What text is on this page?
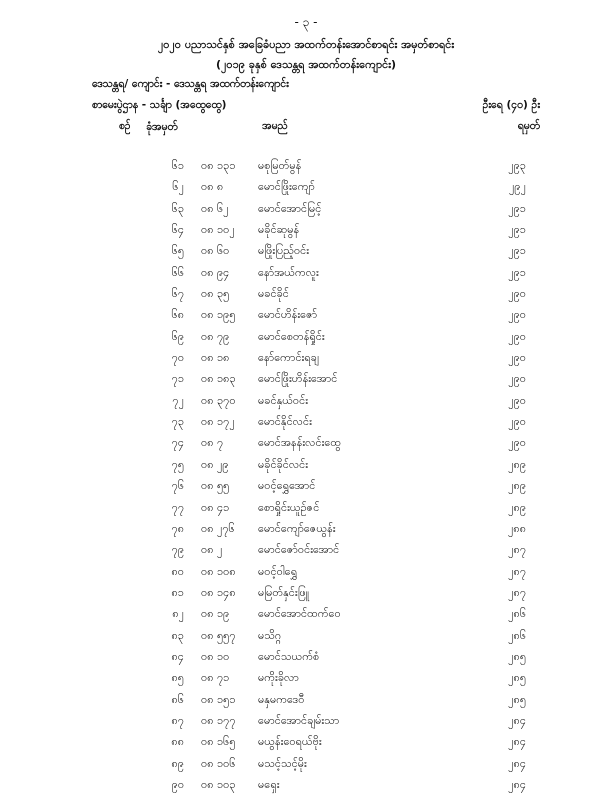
- ၃ -
၂၀၂၀ ပညာသင်နှစ် အခြေခံပညာ အထက်တန်းအောင်စာရင်း အမှတ်စာရင်း
(၂၀၁၉ ခုနှစ် ဒေသန္တရ အထက်တန်းကျောင်း)
ဒေသန္တရ/ ကျောင်း - ဒေသန္တရ အထက်တန်းကျောင်း
စာမေးပွဲဌာန - သင်္ချာ (အထွေထွေ)	ဦးရေ (၄၀) ဦး
စဉ် ခုံအမှတ်	အမည်	ရမှတ်
၆၁ ၀၈ ၁၃၁ မစုမြတ်မွန်	၂၉၃
၆၂ ၀၈ ၈	မောင်ဖြိုးကျော်	၂၉၂
၆၃ ၀၈ ၆၂	မောင်အောင်မြင့်	၂၉၁
၆၄ ၀၈ ၁၀၂ မခိုင်ဆုမွန်	၂၉၁
၆၅ ၀၈ ၆၀	မဖြိုးပြည့်ဝင်း	၂၉၁
၆၆ ၀၈ ၉၄	နော်အယ်ကလူး	၂၉၁
၆၇ ၀၈ ၃၅	မခင်ခိုင်	၂၉၀
၆၈ ၀၈ ၁၉၅ မောင်ဟိန်းဇော်	၂၉၀
၆၉ ၀၈ ၇၉	မောင်စေတန်ရှိုင်း	၂၉၀
၇၀ ၀၈ ၁၈	နော်ကောင်းရချ	၂၉၀
၇၁ ၀၈ ၁၈၃ မောင်ဖြိုးဟိန်းအောင်	၂၉၀
၇၂ ၀၈ ၃၇၀ မခင်နှယ်ဝင်း	၂၉၀
၇၃ ၀၈ ၁၇၂ မောင်နိုင်လင်း	၂၉၀
၇၄ ၀၈ ၇	မောင်အနန်းလင်းထွေ	၂၉၀
၇၅ ၀၈ ၂၉	မခိုင်ခိုင်လင်း	၂၈၉
၇၆ ၀၈ ၅၅	မဝင့်ရွှေအောင်	၂၈၉
၇၇ ၀၈ ၄၁	စောရှိုင်းယူဉ်ဇင်	၂၈၉
၇၈ ၀၈ ၂၇၆ မောင်ကျော်ဇေယွန်း	၂၈၈
၇၉ ၀၈ ၂	မောင်ဇော်ဝင်းအောင်	၂၈၇
၈၀ ၀၈ ၁၀၈ မဝင့်ဝါရွှေ	၂၈၇
၈၁ ၀၈ ၁၄၈ မမြတ်နှင်းဖြူ	၂၈၇
၈၂ ၀၈ ၁၉	မောင်အောင်ထက်ဝေ	၂၈၆
၈၃ ၀၈ ၅၅၇ မသိဂ္ဂ	၂၈၆
၈၄ ၀၈ ၁၀	မောင်သယက်စံ	၂၈၅
၈၅ ၀၈ ၇၁	မကိုးခိုလာ	၂၈၅
၈၆ ၀၈ ၁၅၁ မနှမကဒေဝီ	၂၈၅
၈၇ ၀၈ ၁၇၇ မောင်အောင်ချမ်းသာ	၂၈၄
၈၈ ၀၈ ၁၆၅ မယွန်းဝေရယ်ဗိုး	၂၈၄
၈၉ ၀၈ ၁၀၆ မသင့်သင့်မိုး	၂၈၄
၉၀ ၀၈ ၁၀၃ မရှေး	၂၈၄
